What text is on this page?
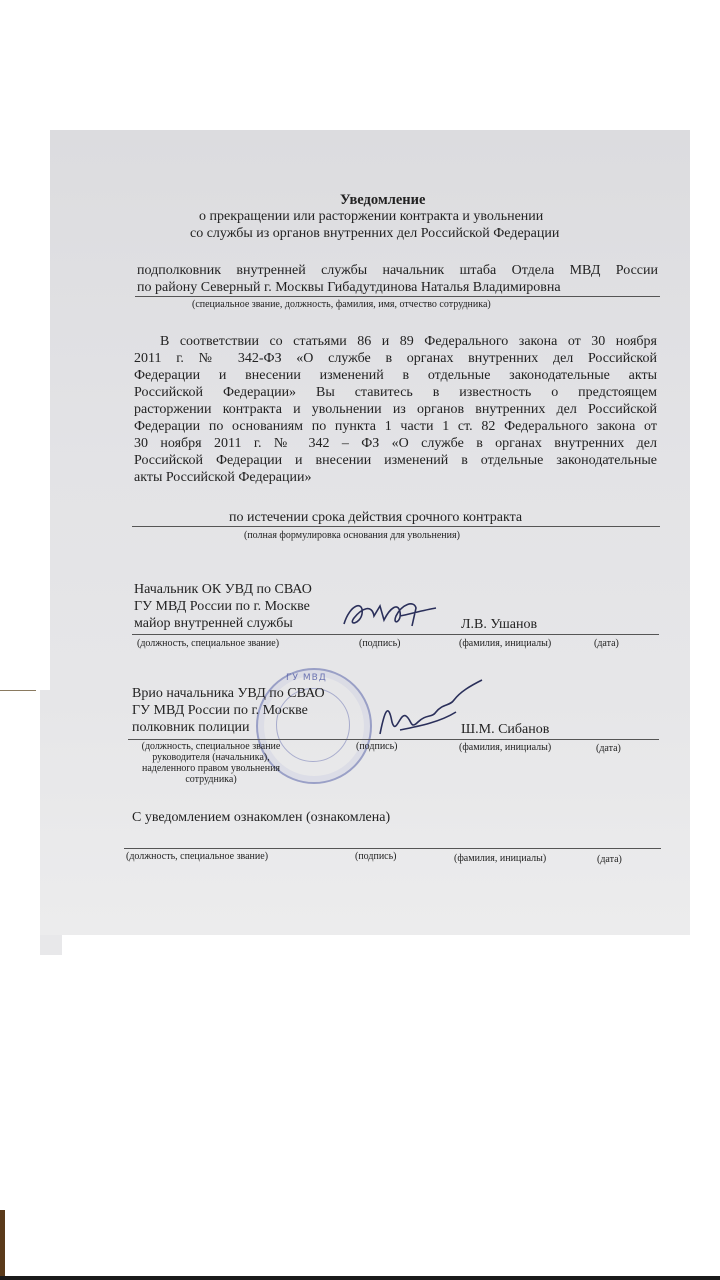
Уведомление
о прекращении или расторжении контракта и увольнении
со службы из органов внутренних дел Российской Федерации
подполковник внутренней службы начальник штаба Отдела МВД России
по району Северный г. Москвы Гибадутдинова Наталья Владимировна
(специальное звание, должность, фамилия, имя, отчество сотрудника)
В соответствии со статьями 86 и 89 Федерального закона от 30 ноября
2011 г. № 342-ФЗ «О службе в органах внутренних дел Российской
Федерации и внесении изменений в отдельные законодательные акты
Российской Федерации» Вы ставитесь в известность о предстоящем
расторжении контракта и увольнении из органов внутренних дел Российской
Федерации по основаниям по пункта 1 части 1 ст. 82 Федерального закона от
30 ноября 2011 г. № 342 – ФЗ «О службе в органах внутренних дел
Российской Федерации и внесении изменений в отдельные законодательные
акты Российской Федерации»
по истечении срока действия срочного контракта
(полная формулировка основания для увольнения)
Начальник ОК УВД по СВАО
ГУ МВД России по г. Москве
майор внутренней службы	Л.В. Ушанов
(должность, специальное звание)	(подпись)	(фамилия, инициалы)	(дата)
ГУ МВД
Врио начальника УВД по СВАО
ГУ МВД России по г. Москве
полковник полиции	Ш.М. Сибанов
(должность, специальное звание руководителя (начальника), наделенного правом увольнения сотрудника)
(подпись)	(фамилия, инициалы)	(дата)
С уведомлением ознакомлен (ознакомлена)
(должность, специальное звание)	(подпись)	(фамилия, инициалы)	(дата)
